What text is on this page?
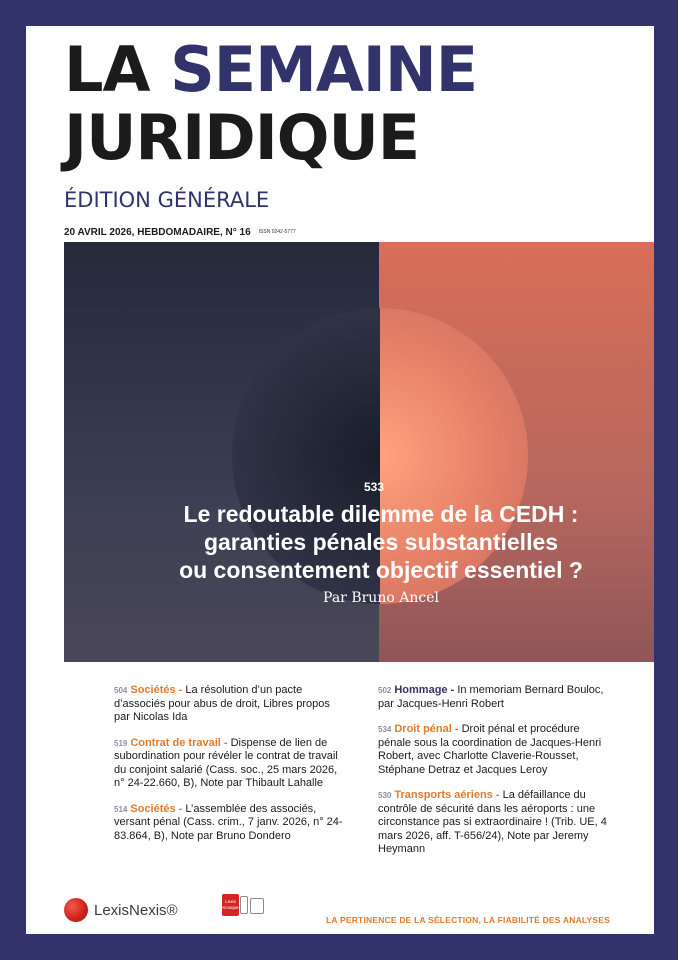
LA SEMAINE
JURIDIQUE
ÉDITION GÉNÉRALE
20 AVRIL 2026, HEBDOMADAIRE, N° 16 ISSN 0242-5777
533
Le redoutable dilemme de la CEDH :
garanties pénales substantielles
ou consentement objectif essentiel ?
Par Bruno Ancel
504 Sociétés - La résolution d’un pacte d’associés pour abus de droit, Libres propos par Nicolas Ida
519 Contrat de travail - Dispense de lien de subordination pour révéler le contrat de travail du conjoint salarié (Cass. soc., 25 mars 2026, n° 24-22.660, B), Note par Thibault Lahalle
514 Sociétés - L’assemblée des associés, versant pénal (Cass. crim., 7 janv. 2026, n° 24-83.864, B), Note par Bruno Dondero
502 Hommage - In memoriam Bernard Bouloc, par Jacques-Henri Robert
534 Droit pénal - Droit pénal et procédure pénale sous la coordination de Jacques-Henri Robert, avec Charlotte Claverie-Rousset, Stéphane Detraz et Jacques Leroy
530 Transports aériens - La défaillance du contrôle de sécurité dans les aéroports : une circonstance pas si extraordinaire ! (Trib. UE, 4 mars 2026, aff. T-656/24), Note par Jeremy Heymann
LexisNexis®
Lexis
Kiosque
LA PERTINENCE DE LA SÉLECTION, LA FIABILITÉ DES ANALYSES
